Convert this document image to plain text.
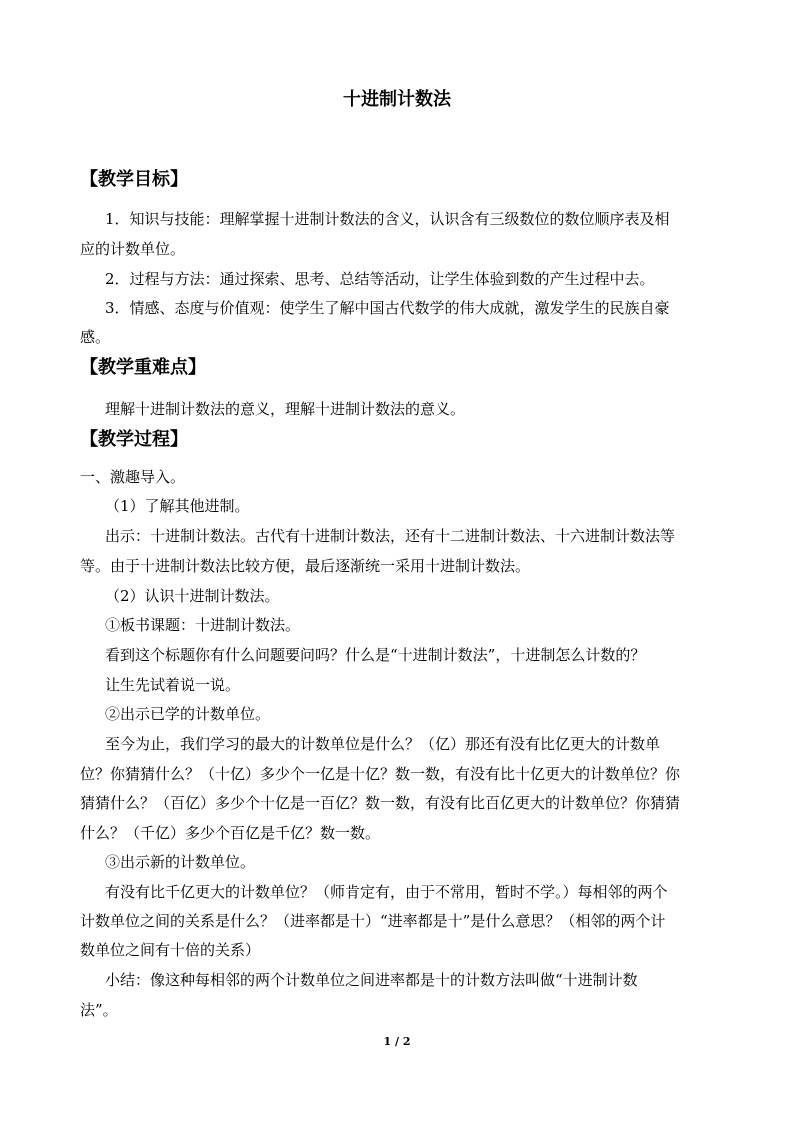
十进制计数法
【教学目标】
1．知识与技能：理解掌握十进制计数法的含义，认识含有三级数位的数位顺序表及相
应的计数单位。
2．过程与方法：通过探索、思考、总结等活动，让学生体验到数的产生过程中去。
3．情感、态度与价值观：使学生了解中国古代数学的伟大成就，激发学生的民族自豪
感。
【教学重难点】
理解十进制计数法的意义，理解十进制计数法的意义。
【教学过程】
一、激趣导入。
（1）了解其他进制。
出示：十进制计数法。古代有十进制计数法，还有十二进制计数法、十六进制计数法等
等。由于十进制计数法比较方便，最后逐渐统一采用十进制计数法。
（2）认识十进制计数法。
①板书课题：十进制计数法。
看到这个标题你有什么问题要问吗？什么是“十进制计数法”，十进制怎么计数的？
让生先试着说一说。
②出示已学的计数单位。
至今为止，我们学习的最大的计数单位是什么？（亿）那还有没有比亿更大的计数单
位？你猜猜什么？（十亿）多少个一亿是十亿？数一数，有没有比十亿更大的计数单位？你
猜猜什么？（百亿）多少个十亿是一百亿？数一数，有没有比百亿更大的计数单位？你猜猜
什么？（千亿）多少个百亿是千亿？数一数。
③出示新的计数单位。
有没有比千亿更大的计数单位？（师肯定有，由于不常用，暂时不学。）每相邻的两个
计数单位之间的关系是什么？（进率都是十）“进率都是十”是什么意思？（相邻的两个计
数单位之间有十倍的关系）
小结：像这种每相邻的两个计数单位之间进率都是十的计数方法叫做“十进制计数
法”。
1 / 2
